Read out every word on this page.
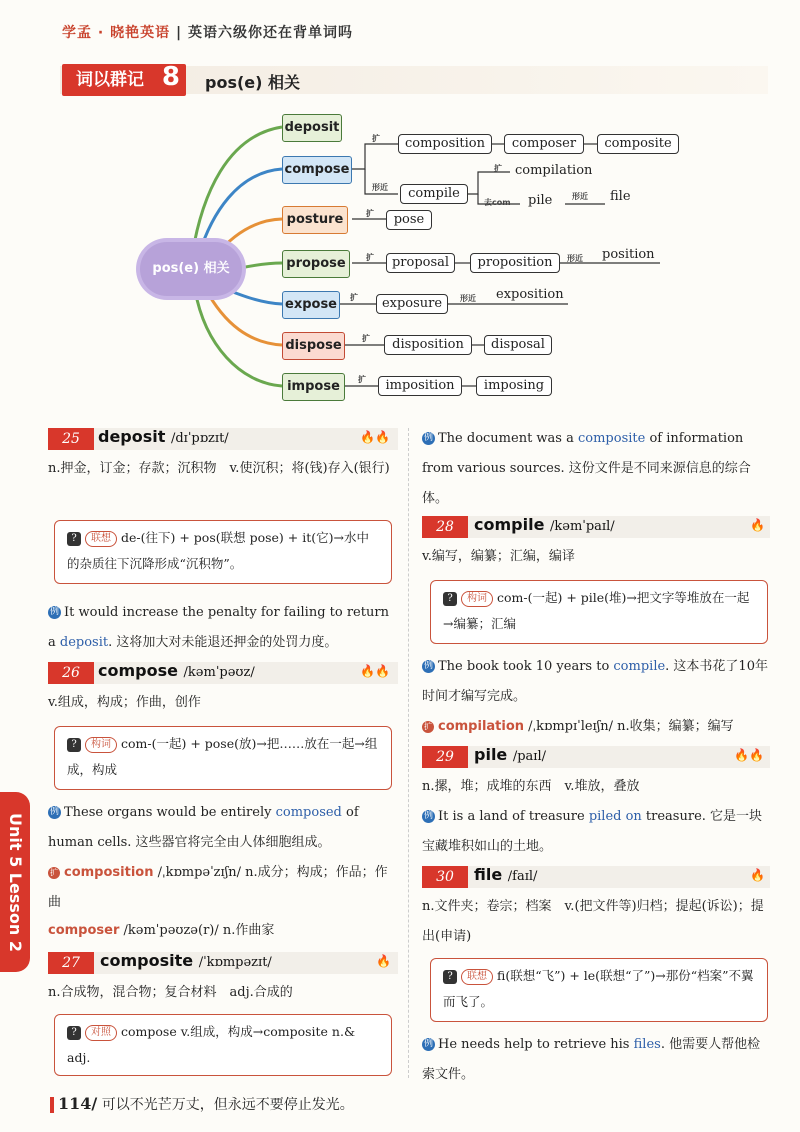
学孟 · 晓艳英语 | 英语六级你还在背单词吗
词以群记 8 pos(e) 相关
pos(e) 相关
deposit
compose
posture
propose
expose
dispose
impose
扩	composition	composer	composite
形近	compile
扩 compilation
去com pile 形近 file
扩	pose
扩	proposal	proposition	形近 position
扩	exposure	形近 exposition
扩	disposition	disposal
扩	imposition	imposing
25	deposit /dɪˈpɒzɪt/	🔥🔥
n.押金，订金；存款；沉积物　v.使沉积；将(钱)存入(银行)
? 联想 de-(往下) + pos(联想 pose) + it(它)→水中的杂质往下沉降形成“沉积物”。
例 It would increase the penalty for failing to return a deposit. 这将加大对未能退还押金的处罚力度。
26	compose /kəmˈpəʊz/	🔥🔥
v.组成，构成；作曲，创作
? 构词 com-(一起) + pose(放)→把……放在一起→组成，构成
例 These organs would be entirely composed of human cells. 这些器官将完全由人体细胞组成。
扩 composition /ˌkɒmpəˈzɪʃn/ n.成分；构成；作品；作曲
composer /kəmˈpəʊzə(r)/ n.作曲家
27	composite /ˈkɒmpəzɪt/	🔥
n.合成物，混合物；复合材料　adj.合成的
? 对照 compose v.组成，构成→composite n.& adj.
例 The document was a composite of information from various sources. 这份文件是不同来源信息的综合体。
28	compile /kəmˈpaɪl/	🔥
v.编写，编纂；汇编，编译
? 构词 com-(一起) + pile(堆)→把文字等堆放在一起→编纂；汇编
例 The book took 10 years to compile. 这本书花了10年时间才编写完成。
扩 compilation /ˌkɒmpɪˈleɪʃn/ n.收集；编纂；编写
29	pile /paɪl/	🔥🔥
n.摞，堆；成堆的东西　v.堆放，叠放
例 It is a land of treasure piled on treasure. 它是一块宝藏堆积如山的土地。
30	file /faɪl/	🔥
n.文件夹；卷宗；档案　v.(把文件等)归档；提起(诉讼)；提出(申请)
? 联想 fi(联想“飞”) + le(联想“了”)→那份“档案”不翼而飞了。
例 He needs help to retrieve his files. 他需要人帮他检索文件。
Unit 5 Lesson 2
114/ 可以不光芒万丈，但永远不要停止发光。
